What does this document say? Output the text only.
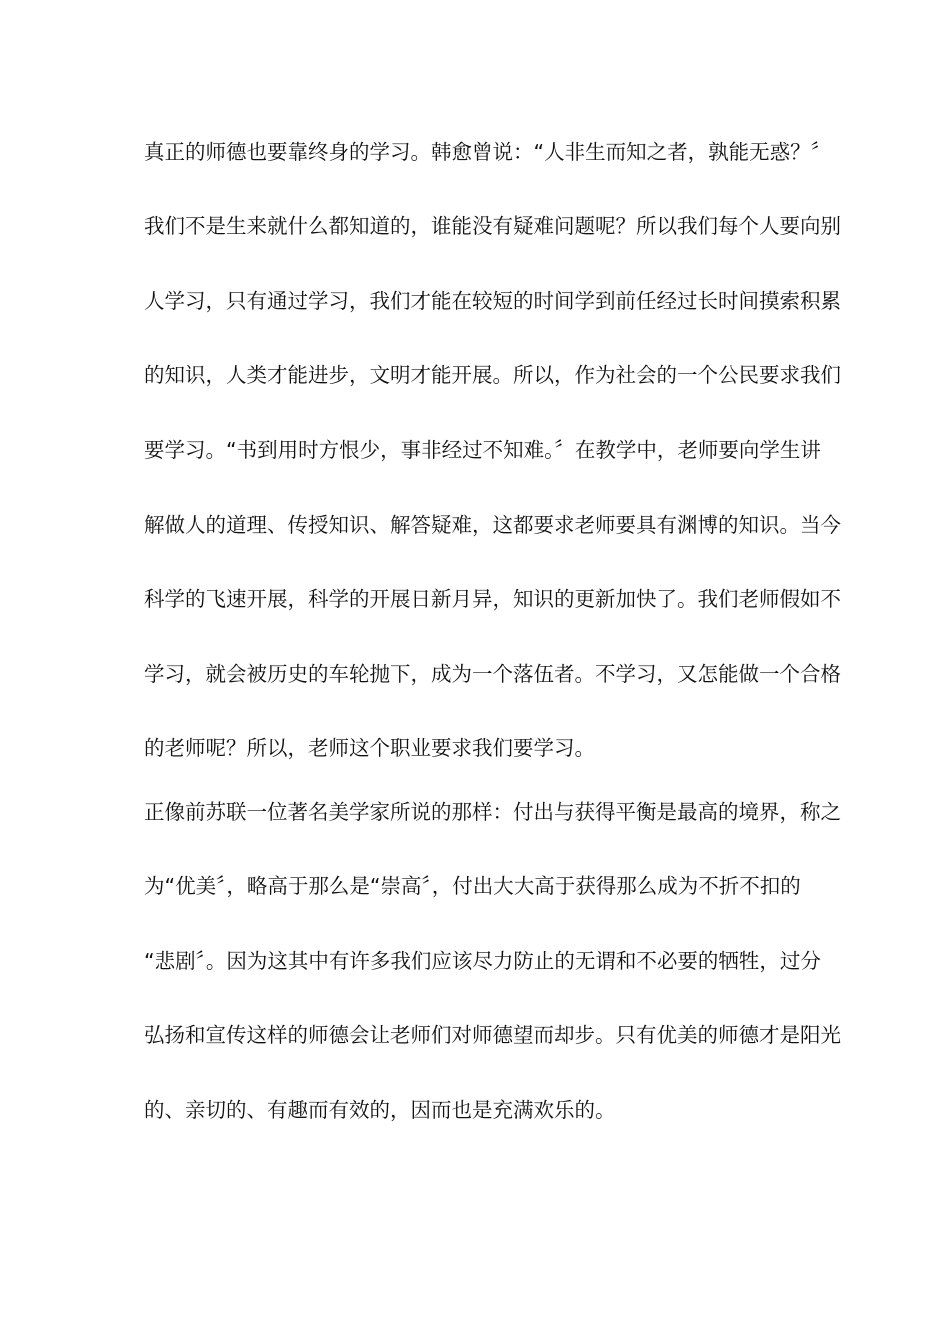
真正的师德也要靠终身的学习。韩愈曾说：“人非生而知之者，孰能无惑？〞
我们不是生来就什么都知道的，谁能没有疑难问题呢？所以我们每个人要向别
人学习，只有通过学习，我们才能在较短的时间学到前任经过长时间摸索积累
的知识，人类才能进步，文明才能开展。所以，作为社会的一个公民要求我们
要学习。“书到用时方恨少，事非经过不知难。〞在教学中，老师要向学生讲
解做人的道理、传授知识、解答疑难，这都要求老师要具有渊博的知识。当今
科学的飞速开展，科学的开展日新月异，知识的更新加快了。我们老师假如不
学习，就会被历史的车轮抛下，成为一个落伍者。不学习，又怎能做一个合格
的老师呢？所以，老师这个职业要求我们要学习。
正像前苏联一位著名美学家所说的那样：付出与获得平衡是最高的境界，称之
为“优美〞，略高于那么是“崇高〞，付出大大高于获得那么成为不折不扣的
“悲剧〞。因为这其中有许多我们应该尽力防止的无谓和不必要的牺牲，过分
弘扬和宣传这样的师德会让老师们对师德望而却步。只有优美的师德才是阳光
的、亲切的、有趣而有效的，因而也是充满欢乐的。
